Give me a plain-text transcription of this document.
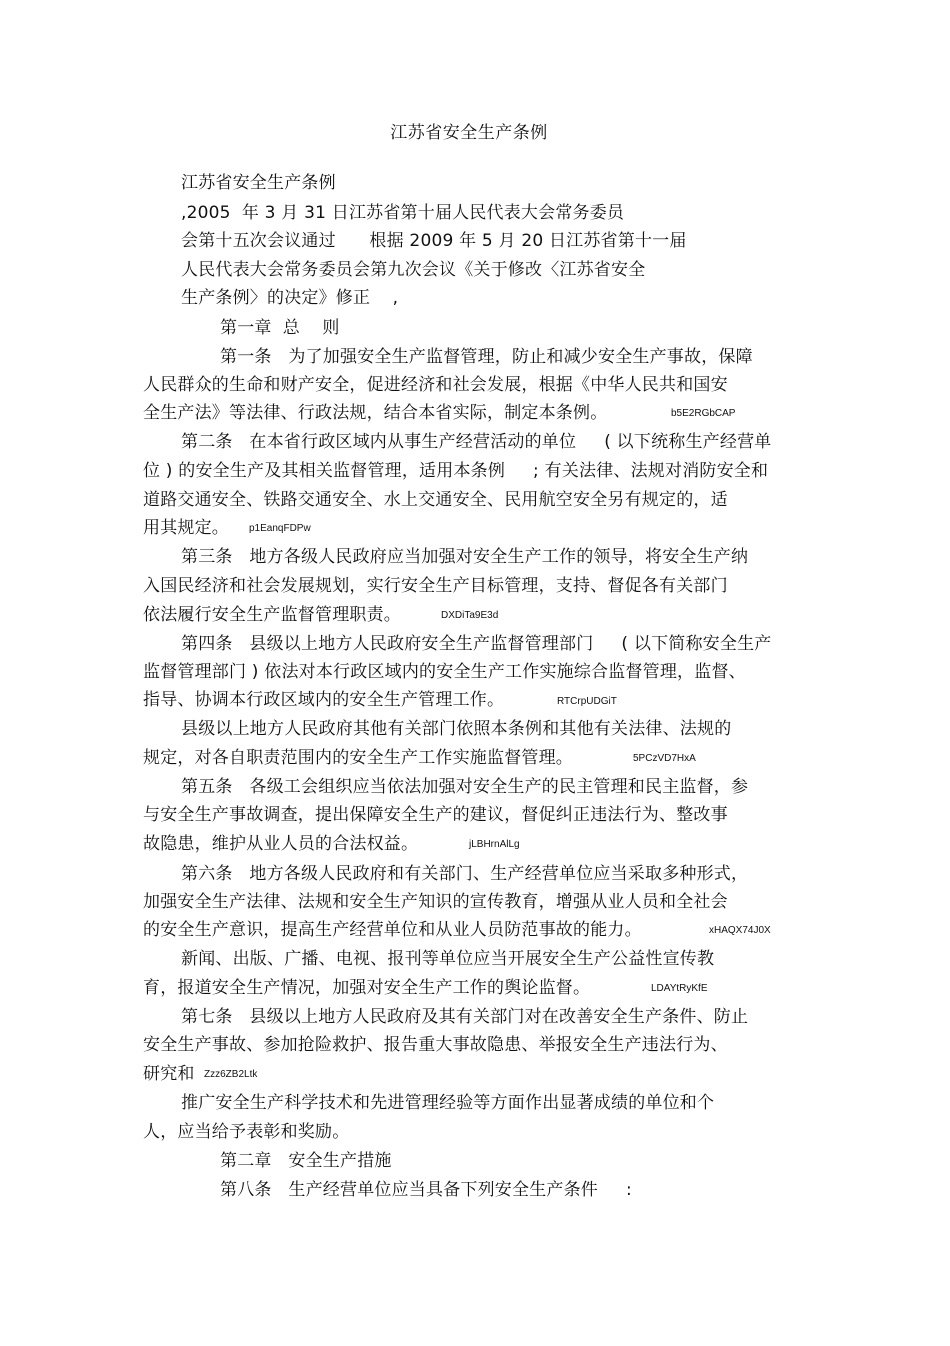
江苏省安全生产条例
江苏省安全生产条例
,2005  年 3 月 31 日江苏省第十届人民代表大会常务委员
会第十五次会议通过      根据 2009 年 5 月 20 日江苏省第十一届
人民代表大会常务委员会第九次会议《关于修改〈江苏省安全
生产条例〉的决定》修正    ,
第一章  总    则
第一条   为了加强安全生产监督管理，防止和减少安全生产事故，保障
人民群众的生命和财产安全，促进经济和社会发展，根据《中华人民共和国安
全生产法》等法律、行政法规，结合本省实际，制定本条例。	b5E2RGbCAP
第二条   在本省行政区域内从事生产经营活动的单位     ( 以下统称生产经营单
位 ) 的安全生产及其相关监督管理，适用本条例     ; 有关法律、法规对消防安全和
道路交通安全、铁路交通安全、水上交通安全、民用航空安全另有规定的，适
用其规定。 p1EanqFDPw
第三条   地方各级人民政府应当加强对安全生产工作的领导，将安全生产纳
入国民经济和社会发展规划，实行安全生产目标管理，支持、督促各有关部门
依法履行安全生产监督管理职责。	DXDiTa9E3d
第四条   县级以上地方人民政府安全生产监督管理部门     ( 以下简称安全生产
监督管理部门 ) 依法对本行政区域内的安全生产工作实施综合监督管理，监督、
指导、协调本行政区域内的安全生产管理工作。	RTCrpUDGiT
县级以上地方人民政府其他有关部门依照本条例和其他有关法律、法规的
规定，对各自职责范围内的安全生产工作实施监督管理。	5PCzVD7HxA
第五条   各级工会组织应当依法加强对安全生产的民主管理和民主监督，参
与安全生产事故调查，提出保障安全生产的建议，督促纠正违法行为、整改事
故隐患，维护从业人员的合法权益。	jLBHrnAlLg
第六条   地方各级人民政府和有关部门、生产经营单位应当采取多种形式，
加强安全生产法律、法规和安全生产知识的宣传教育，增强从业人员和全社会
的安全生产意识，提高生产经营单位和从业人员防范事故的能力。	xHAQX74J0X
新闻、出版、广播、电视、报刊等单位应当开展安全生产公益性宣传教
育，报道安全生产情况，加强对安全生产工作的舆论监督。	LDAYtRyKfE
第七条   县级以上地方人民政府及其有关部门对在改善安全生产条件、防止
安全生产事故、参加抢险救护、报告重大事故隐患、举报安全生产违法行为、
研究和 Zzz6ZB2Ltk
推广安全生产科学技术和先进管理经验等方面作出显著成绩的单位和个
人，应当给予表彰和奖励。
第二章   安全生产措施
第八条   生产经营单位应当具备下列安全生产条件     :
